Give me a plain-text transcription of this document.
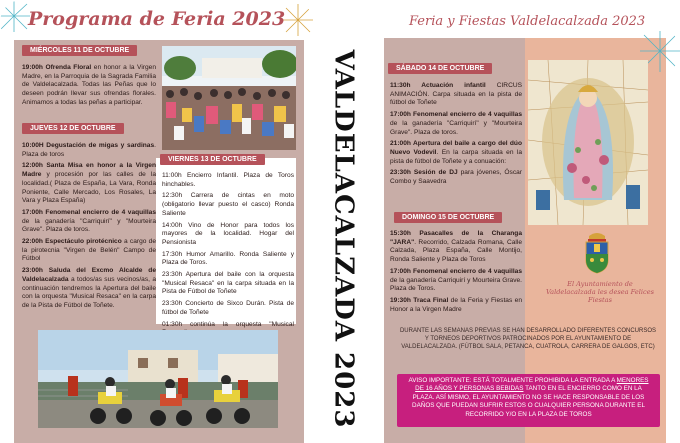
Programa de Feria 2023	Feria y Fiestas Valdelacalzada 2023
VALDELACALZADA 2023
MIÉRCOLES 11 DE OCTUBRE
19:00h Ofrenda Floral en honor a la Virgen Madre, en la Parroquia de la Sagrada Familia de Valdelacalzada. Todas las Peñas que lo deseen podrán llevar sus ofrendas florales. Animamos a todas las peñas a participar.
JUEVES 12 DE OCTUBRE
10:00H Degustación de migas y sardinas. Plaza de toros
12:00h Santa Misa en honor a la Virgen Madre y procesión por las calles de la localidad.( Plaza de España, La Vara, Ronda Poniente, Calle Mercado, Los Rosales, La Vara y Plaza España)
17:00h Fenomenal encierro de 4 vaquillas de la ganadería "Carriquirí" y "Mourteira Grave". Plaza de toros.
22:00h Espectáculo pirotécnico a cargo de la pirotecnia "Virgen de Belén" Campo de Fútbol
23:00h Saluda del Excmo Alcalde de Valdelacalzada a todos/as sus vecinos/as, a continuación tendremos la Apertura del baile con la orquesta "Musical Resaca" en la carpa de la Pista de Fútbol de Toñete.
VIERNES 13 DE OCTUBRE
11:00h Encierro Infantil. Plaza de Toros hinchables.
12:30h Carrera de cintas en moto (obligatorio llevar puesto el casco) Ronda Saliente
14:00h Vino de Honor para todos los mayores de la localidad. Hogar del Pensionista
17:30h Humor Amarillo. Ronda Saliente y Plaza de Toros.
23:30h Apertura del baile con la orquesta "Musical Resaca" en la carpa situada en la Pista de Fútbol de Toñete
23:30h Concierto de Sixco Durán. Pista de fútbol de Toñete
01:30h continúa la orquesta "Musical
SÁBADO 14 DE OCTUBRE
11:30h Actuación infantil CIRCUS ANIMACIÓN. Carpa situada en la pista de fútbol de Toñete
17:00h Fenomenal encierro de 4 vaquillas de la ganadería "Carriquirí" y "Mourteira Grave". Plaza de toros.
21:00h Apertura del baile a cargo del dúo Nuevo Vodevil. En la carpa situada en la pista de fútbol de Toñete y a conuación:
23:30h Sesión de DJ para jóvenes, Óscar Combo y Saavedra
DOMINGO 15 DE OCTUBRE
15:30h Pasacalles de la Charanga "JARA". Recorrido, Calzada Romana, Calle Calzada, Plaza España, Calle Montijo, Ronda Saliente y Plaza de Toros
17:00h Fenomenal encierro de 4 vaquillas de la ganadería Carriquirí y Mourteira Grave. Plaza de Toros.
19:30h Traca Final de la Feria y Fiestas en Honor a la Virgen Madre
El Ayuntamiento de Valdelacalzada les desea Felices Fiestas
DURANTE LAS SEMANAS PREVIAS SE HAN DESARROLLADO DIFERENTES CONCURSOS Y TORNEOS DEPORTIVOS PATROCINADOS POR EL AYUNTAMIENTO DE VALDELACALZADA. (FÚTBOL SALA, PETANCA, CUATROLA, CARRERA DE GALGOS, ETC)
AVISO IMPORTANTE: ESTÁ TOTALMENTE PROHIBIDA LA ENTRADA A MENORES DE 16 AÑOS Y PERSONAS BEBIDAS TANTO EN EL ENCIERRO COMO EN LA PLAZA. ASÍ MISMO, EL AYUNTAMIENTO NO SE HACE RESPONSABLE DE LOS DAÑOS QUE PUEDAN SUFRIR ESTOS O CUALQUIER PERSONA DURANTE EL RECORRIDO Y/O EN LA PLAZA DE TOROS
